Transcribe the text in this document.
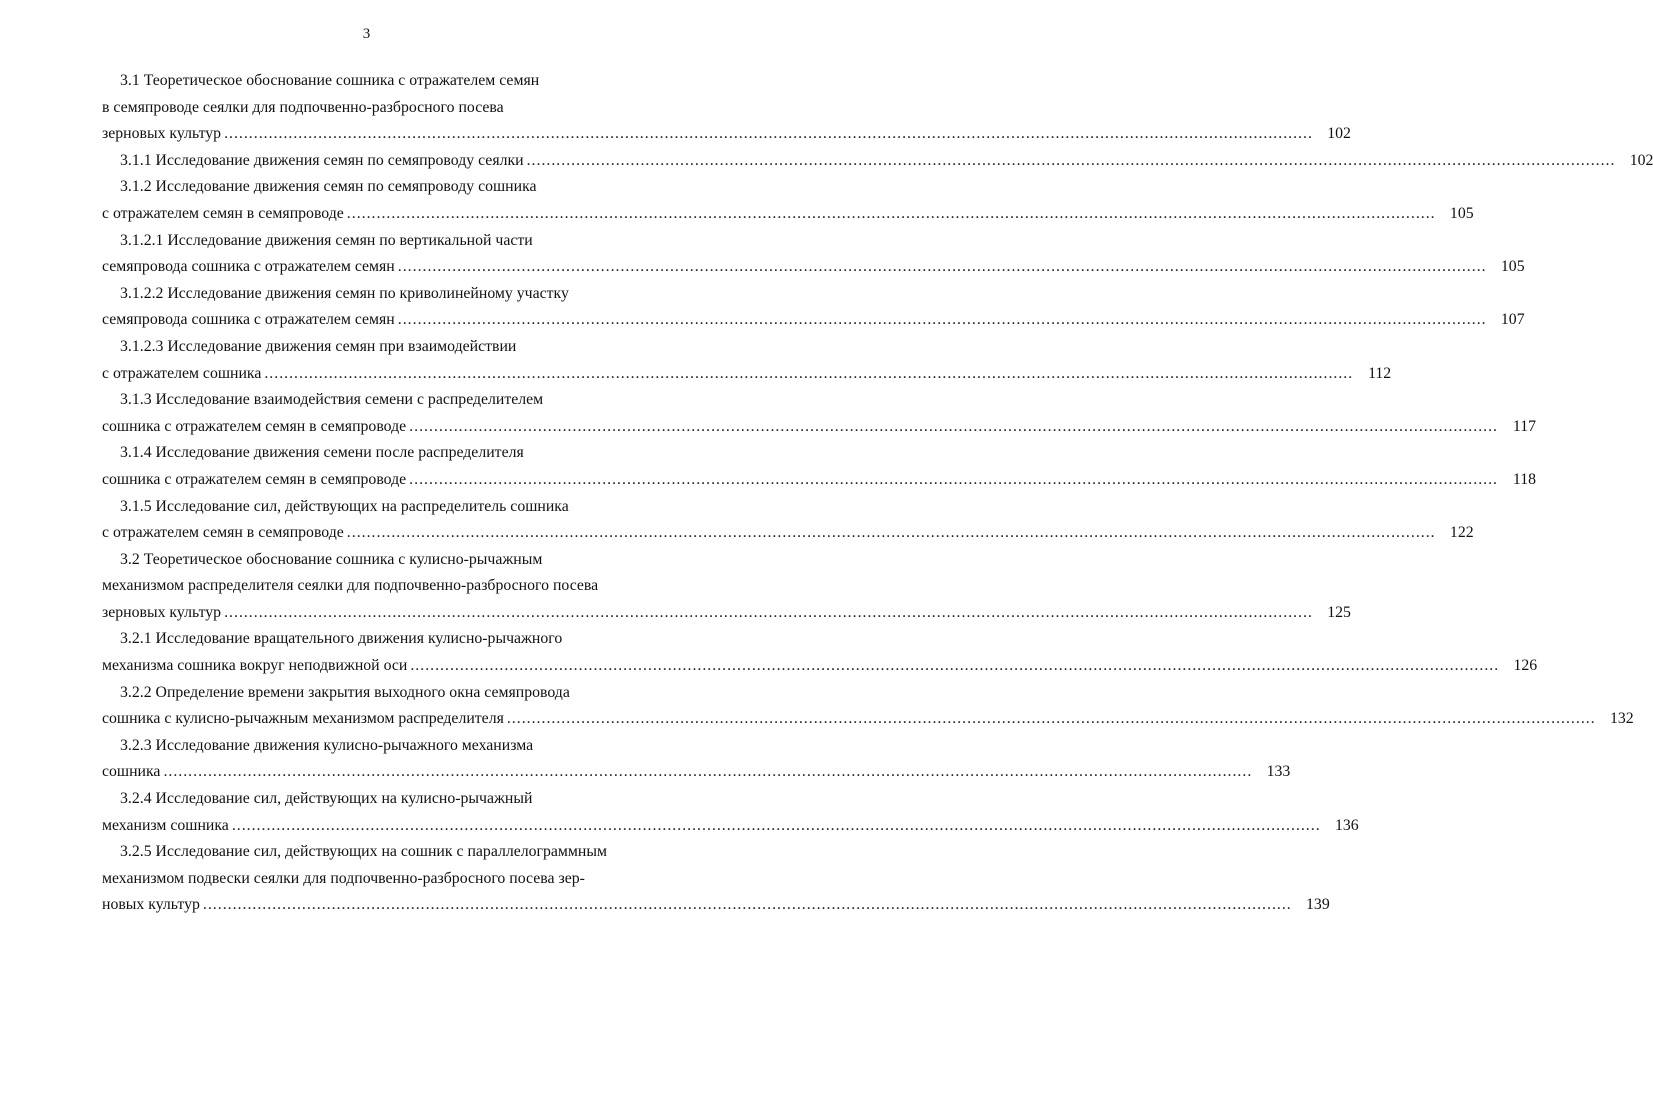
3
3.1 Теоретическое обоснование сошника с отражателем семян
в семяпроводе сеялки для подпочвенно-разбросного посева
зерновых культур ............................................................................................................................................................................................................................ 102
3.1.1 Исследование движения семян по семяпроводу сеялки ............................................................................................................................................................................................................................ 102
3.1.2 Исследование движения семян по семяпроводу сошника
с отражателем семян в семяпроводе ............................................................................................................................................................................................................................ 105
3.1.2.1 Исследование движения семян по вертикальной части
семяпровода сошника с отражателем семян ............................................................................................................................................................................................................................ 105
3.1.2.2 Исследование движения семян по криволинейному участку
семяпровода сошника с отражателем семян ............................................................................................................................................................................................................................ 107
3.1.2.3 Исследование движения семян при взаимодействии
с отражателем сошника ............................................................................................................................................................................................................................ 112
3.1.3 Исследование взаимодействия семени с распределителем
сошника с отражателем семян в семяпроводе ............................................................................................................................................................................................................................ 117
3.1.4 Исследование движения семени после распределителя
сошника с отражателем семян в семяпроводе ............................................................................................................................................................................................................................ 118
3.1.5 Исследование сил, действующих на распределитель сошника
с отражателем семян в семяпроводе ............................................................................................................................................................................................................................ 122
3.2 Теоретическое обоснование сошника с кулисно-рычажным
механизмом распределителя сеялки для подпочвенно-разбросного посева
зерновых культур ............................................................................................................................................................................................................................ 125
3.2.1 Исследование вращательного движения кулисно-рычажного
механизма сошника вокруг неподвижной оси ............................................................................................................................................................................................................................ 126
3.2.2 Определение времени закрытия выходного окна семяпровода
сошника с кулисно-рычажным механизмом распределителя ............................................................................................................................................................................................................................ 132
3.2.3 Исследование движения кулисно-рычажного механизма
сошника ............................................................................................................................................................................................................................ 133
3.2.4 Исследование сил, действующих на кулисно-рычажный
механизм сошника ............................................................................................................................................................................................................................ 136
3.2.5 Исследование сил, действующих на сошник с параллелограммным
механизмом подвески сеялки для подпочвенно-разбросного посева зер-
новых культур ............................................................................................................................................................................................................................ 139
